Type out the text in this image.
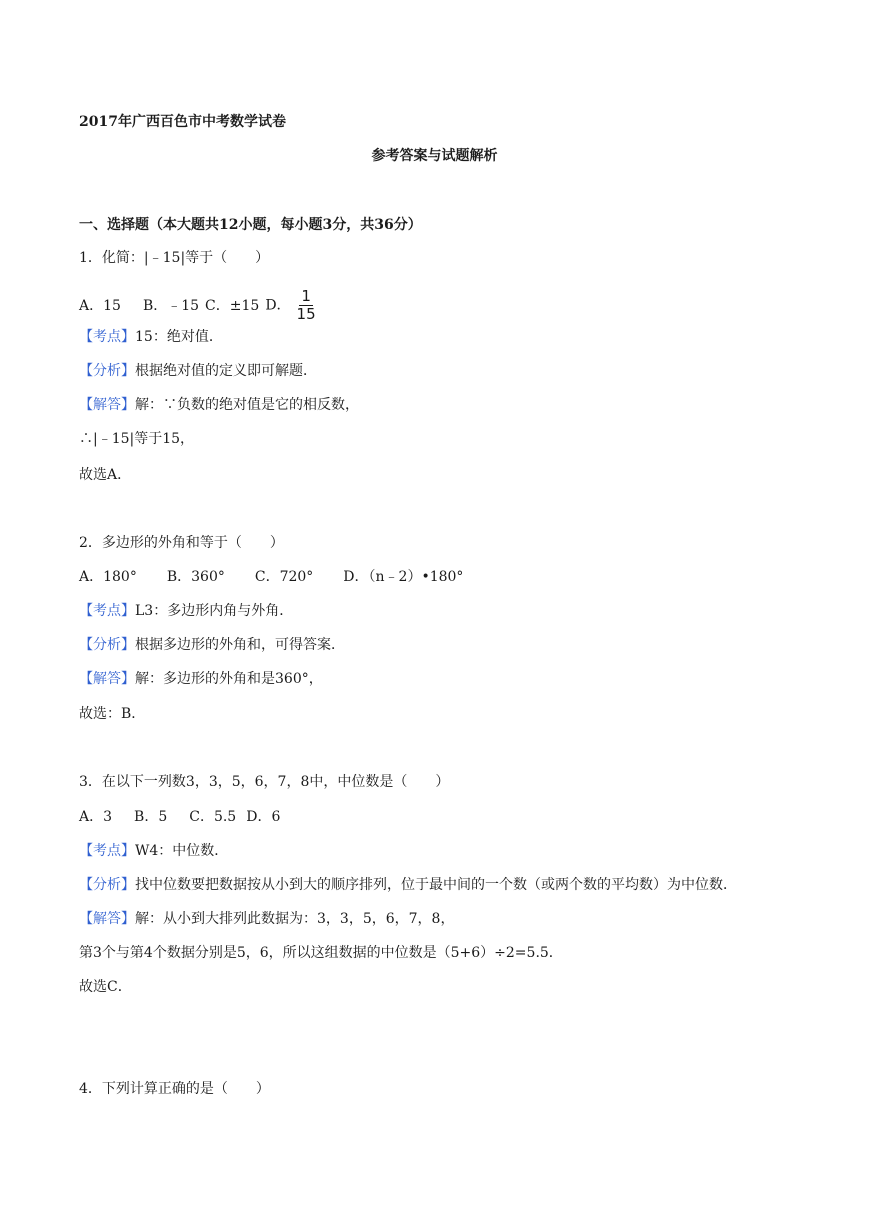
2017年广西百色市中考数学试卷
参考答案与试题解析
一、选择题（本大题共12小题，每小题3分，共36分）
1．化简：|﹣15|等于（　　）
A．15 B．﹣15 C．±15 D． $\frac{1}{15}$
【考点】15：绝对值．
【分析】根据绝对值的定义即可解题．
【解答】解：∵负数的绝对值是它的相反数，
∴|﹣15|等于15，
故选A．
2．多边形的外角和等于（　　）
A．180° B．360° C．720° D．（n﹣2）•180°
【考点】L3：多边形内角与外角．
【分析】根据多边形的外角和，可得答案．
【解答】解：多边形的外角和是360°，
故选：B．
3．在以下一列数3，3，5，6，7，8中，中位数是（　　）
A．3 B．5 C．5.5 D．6
【考点】W4：中位数．
【分析】找中位数要把数据按从小到大的顺序排列，位于最中间的一个数（或两个数的平均数）为中位数．
【解答】解：从小到大排列此数据为：3，3，5，6，7，8，
第3个与第4个数据分别是5，6，所以这组数据的中位数是（5+6）÷2=5.5．
故选C．
4．下列计算正确的是（　　）
